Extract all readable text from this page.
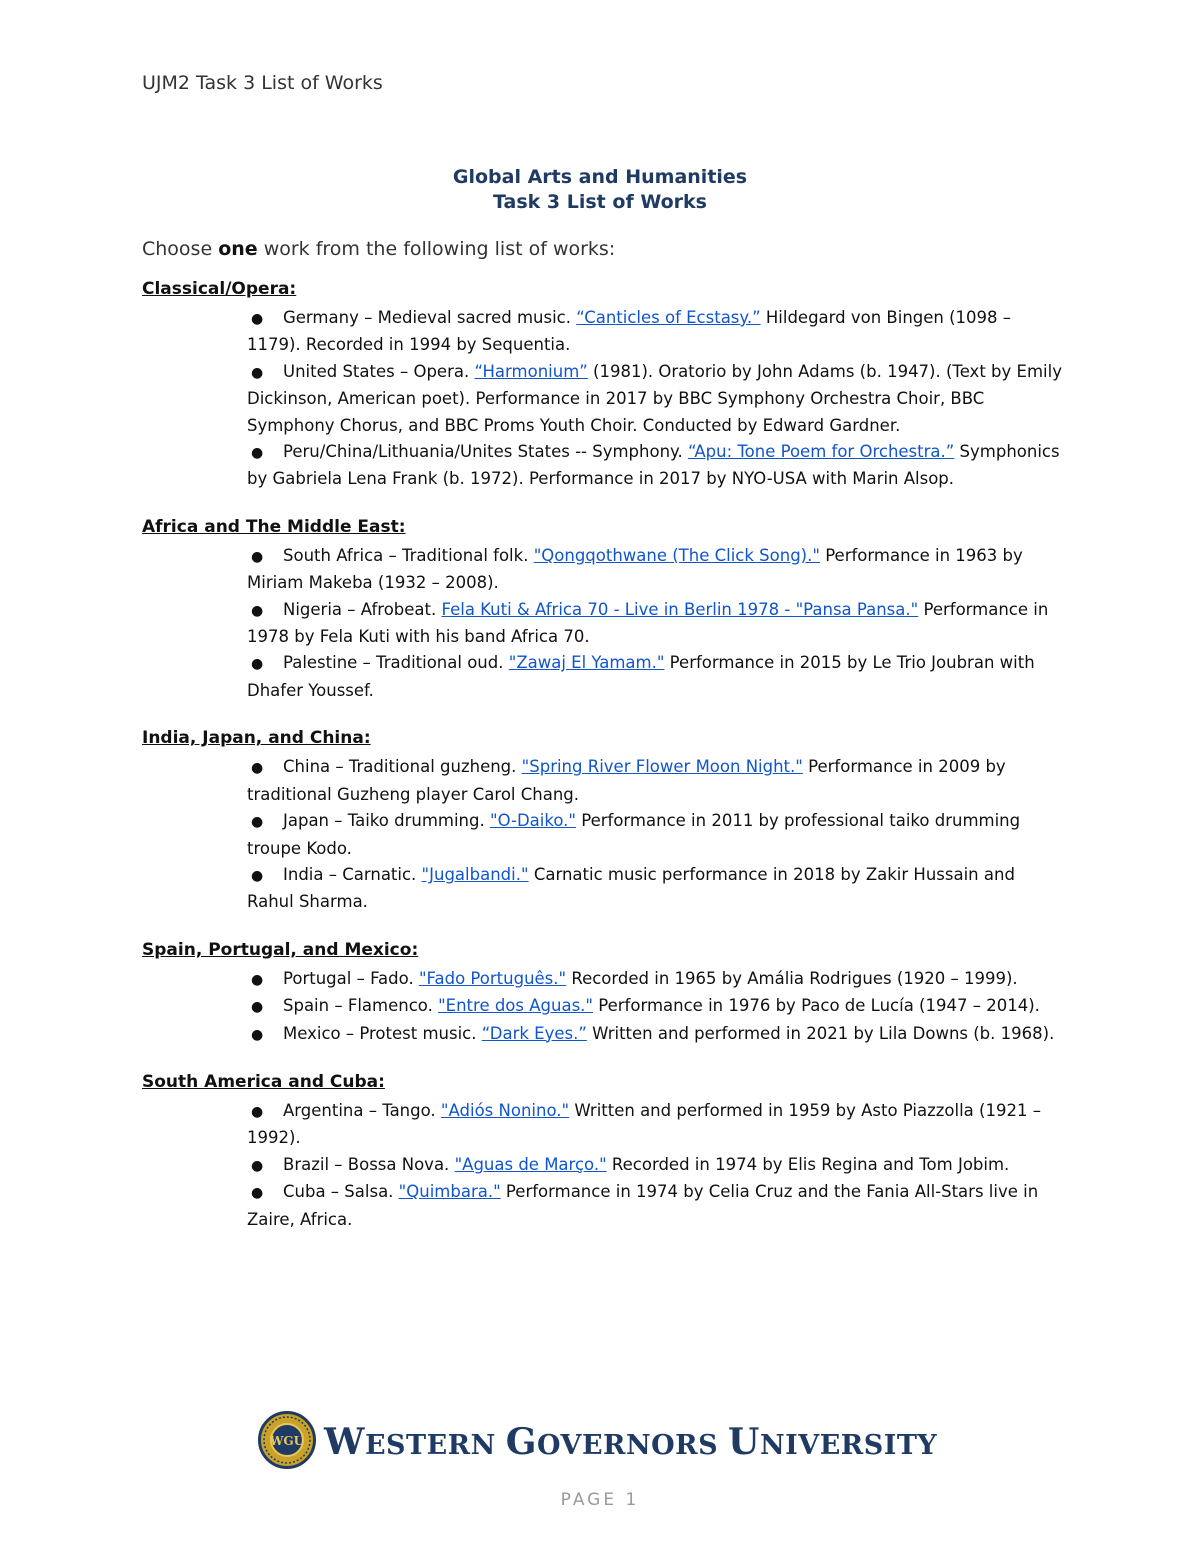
UJM2 Task 3 List of Works
Global Arts and Humanities
Task 3 List of Works
Choose one work from the following list of works:
Classical/Opera:
● Germany – Medieval sacred music. “Canticles of Ecstasy.” Hildegard von Bingen (1098 – 1179). Recorded in 1994 by Sequentia.
● United States – Opera. “Harmonium” (1981). Oratorio by John Adams (b. 1947). (Text by Emily Dickinson, American poet). Performance in 2017 by BBC Symphony Orchestra Choir, BBC Symphony Chorus, and BBC Proms Youth Choir. Conducted by Edward Gardner.
● Peru/China/Lithuania/Unites States -- Symphony. “Apu: Tone Poem for Orchestra.” Symphonics by Gabriela Lena Frank (b. 1972). Performance in 2017 by NYO-USA with Marin Alsop.
Africa and The Middle East:
● South Africa – Traditional folk. "Qongqothwane (The Click Song)." Performance in 1963 by Miriam Makeba (1932 – 2008).
● Nigeria – Afrobeat. Fela Kuti & Africa 70 - Live in Berlin 1978 - "Pansa Pansa." Performance in 1978 by Fela Kuti with his band Africa 70.
● Palestine – Traditional oud. "Zawaj El Yamam." Performance in 2015 by Le Trio Joubran with Dhafer Youssef.
India, Japan, and China:
● China – Traditional guzheng. "Spring River Flower Moon Night." Performance in 2009 by traditional Guzheng player Carol Chang.
● Japan – Taiko drumming. "O-Daiko." Performance in 2011 by professional taiko drumming troupe Kodo.
● India – Carnatic. "Jugalbandi." Carnatic music performance in 2018 by Zakir Hussain and Rahul Sharma.
Spain, Portugal, and Mexico:
● Portugal – Fado. "Fado Português." Recorded in 1965 by Amália Rodrigues (1920 – 1999).
● Spain – Flamenco. "Entre dos Aguas." Performance in 1976 by Paco de Lucía (1947 – 2014).
● Mexico – Protest music. “Dark Eyes.” Written and performed in 2021 by Lila Downs (b. 1968).
South America and Cuba:
● Argentina – Tango. "Adiós Nonino." Written and performed in 1959 by Asto Piazzolla (1921 – 1992).
● Brazil – Bossa Nova. "Aguas de Março." Recorded in 1974 by Elis Regina and Tom Jobim.
● Cuba – Salsa. "Quimbara." Performance in 1974 by Celia Cruz and the Fania All-Stars live in Zaire, Africa.
WGU WESTERN GOVERNORS UNIVERSITY
PAGE 1
